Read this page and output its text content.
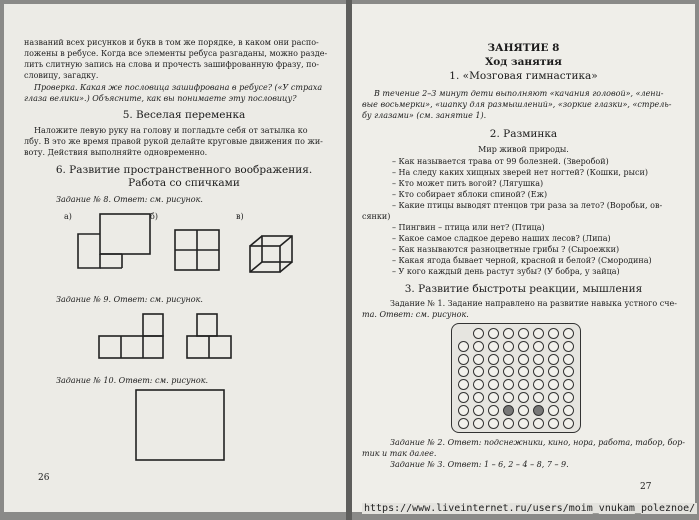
названий всех рисунков и букв в том же порядке, в каком они распо-
ложены в ребусе. Когда все элементы ребуса разгаданы, можно разде-
лить слитную запись на слова и прочесть зашифрованную фразу, по-
словицу, загадку.
Проверка. Какая же пословица зашифрована в ребусе? («У страха
глаза велики».) Объясните, как вы понимаете эту пословицу?
5. Веселая переменка
Наложите левую руку на голову и погладьте себя от затылка ко
лбу. В это же время правой рукой делайте круговые движения по жи-
воту. Действия выполняйте одновременно.
6. Развитие пространственного воображения.
Работа со спичками
Задание № 8. Ответ: см. рисунок.
а)	б)	в)
Задание № 9. Ответ: см. рисунок.
Задание № 10. Ответ: см. рисунок.
26
ЗАНЯТИЕ 8
Ход занятия
1. «Мозговая гимнастика»
В течение 2–3 минут дети выполняют «качания головой», «лени-
вые восьмерки», «шапку для размышлений», «зоркие глазки», «стрель-
бу глазами» (см. занятие 1).
2. Разминка
Мир живой природы.
– Как называется трава от 99 болезней. (Зверобой)
– На следу каких хищных зверей нет ногтей? (Кошки, рыси)
– Кто может пить вогой? (Лягушка)
– Кто собирает яблоки спиной? (Еж)
– Какие птицы выводят птенцов три раза за лето? (Воробьи, ов-
сянки)
– Пингвин – птица или нет? (Птица)
– Какое самое сладкое дерево наших лесов? (Липа)
– Как называются разноцветные грибы ? (Сыроежки)
– Какая ягода бывает черной, красной и белой? (Смородина)
– У кого каждый день растут зубы? (У бобра, у зайца)
3. Развитие быстроты реакции, мышления
Задание № 1. Задание направлено на развитие навыка устного сче-
та. Ответ: см. рисунок.
Задание № 2. Ответ: подснежники, кино, нора, работа, табор, бор-
тик и так далее.
Задание № 3. Ответ: 1 – 6, 2 – 4 – 8, 7 – 9.
27
https://www.liveinternet.ru/users/moim_vnukam_poleznoe/
